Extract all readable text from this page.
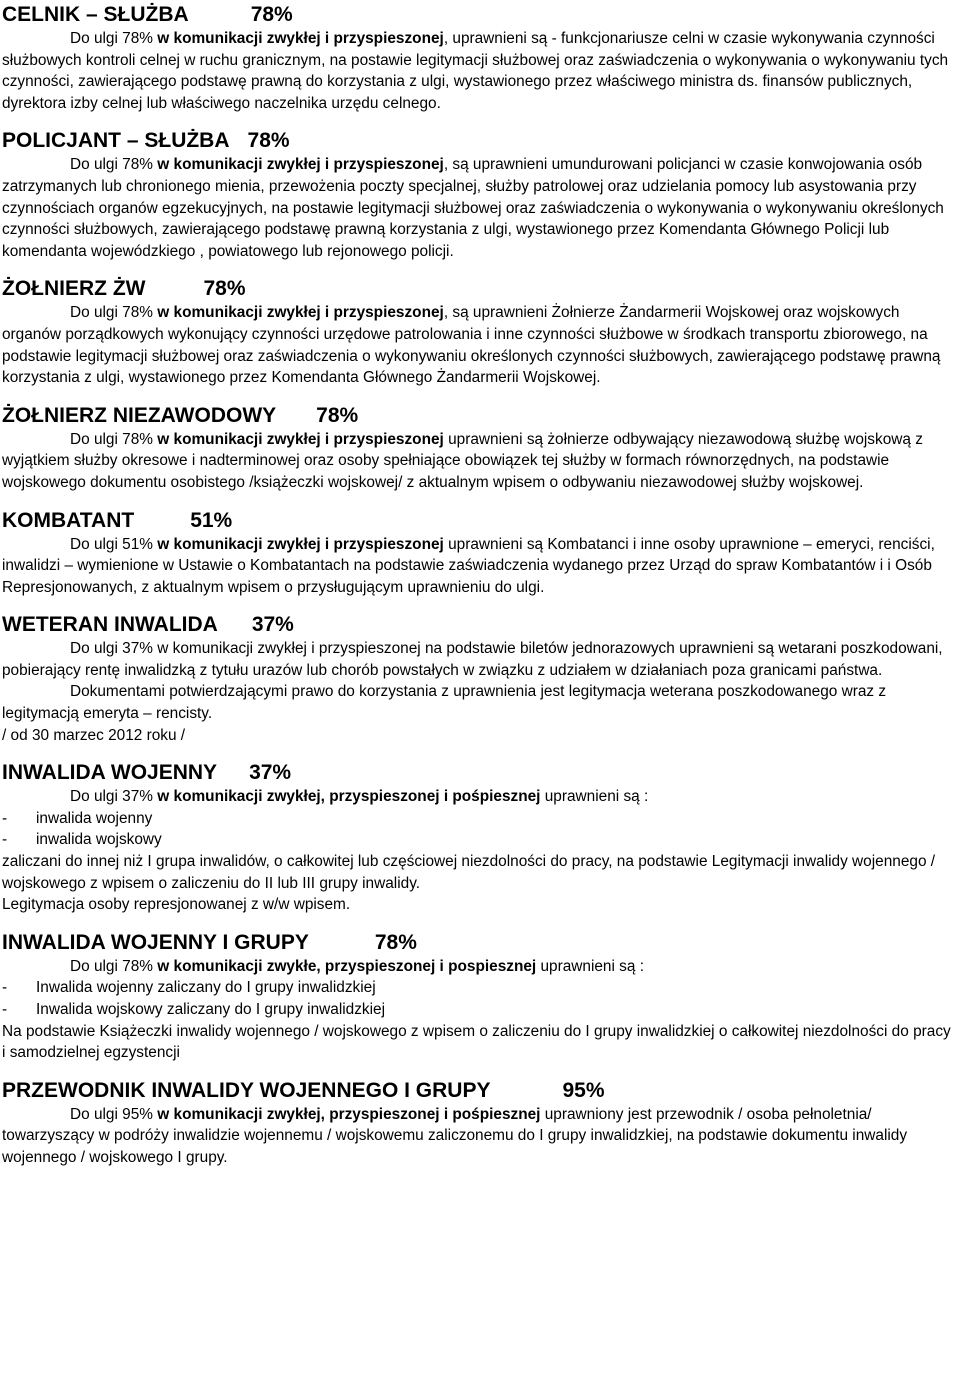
CELNIK – SŁUŻBA	78%

Do ulgi 78% w komunikacji zwykłej i przyspieszonej, uprawnieni są - funkcjonariusze celni w czasie wykonywania czynności służbowych kontroli celnej w ruchu granicznym, na postawie legitymacji służbowej oraz zaświadczenia o wykonywania o wykonywaniu tych czynności, zawierającego podstawę prawną do korzystania z ulgi, wystawionego przez właściwego ministra ds. finansów publicznych, dyrektora izby celnej lub właściwego naczelnika urzędu celnego.

POLICJANT – SŁUŻBA 78%

Do ulgi 78% w komunikacji zwykłej i przyspieszonej, są uprawnieni umundurowani policjanci w czasie konwojowania osób zatrzymanych lub chronionego mienia, przewożenia poczty specjalnej, służby patrolowej oraz udzielania pomocy lub asystowania przy czynnościach organów egzekucyjnych, na postawie legitymacji służbowej oraz zaświadczenia o wykonywania o wykonywaniu określonych czynności służbowych, zawierającego podstawę prawną korzystania z ulgi, wystawionego przez Komendanta Głównego Policji lub komendanta wojewódzkiego , powiatowego lub rejonowego policji.

ŻOŁNIERZ ŻW	78%

Do ulgi 78% w komunikacji zwykłej i przyspieszonej, są uprawnieni Żołnierze Żandarmerii Wojskowej oraz wojskowych organów porządkowych wykonujący czynności urzędowe patrolowania i inne czynności służbowe w środkach transportu zbiorowego, na podstawie legitymacji służbowej oraz zaświadczenia o wykonywaniu określonych czynności służbowych, zawierającego podstawę prawną korzystania z ulgi, wystawionego przez Komendanta Głównego Żandarmerii Wojskowej.

ŻOŁNIERZ NIEZAWODOWY 78%

Do ulgi 78% w komunikacji zwykłej i przyspieszonej uprawnieni są żołnierze odbywający niezawodową służbę wojskową z wyjątkiem służby okresowe i nadterminowej oraz osoby spełniające obowiązek tej służby w formach równorzędnych, na podstawie wojskowego dokumentu osobistego /książeczki wojskowej/ z aktualnym wpisem o odbywaniu niezawodowej służby wojskowej.

KOMBATANT	51%

Do ulgi 51% w komunikacji zwykłej i przyspieszonej uprawnieni są Kombatanci i inne osoby uprawnione – emeryci, renciści, inwalidzi – wymienione w Ustawie o Kombatantach na podstawie zaświadczenia wydanego przez Urząd do spraw Kombatantów i i Osób Represjonowanych, z aktualnym wpisem o przysługującym uprawnieniu do ulgi.

WETERAN INWALIDA 37%

Do ulgi 37% w komunikacji zwykłej i przyspieszonej na podstawie biletów jednorazowych uprawnieni są wetarani poszkodowani, pobierający rentę inwalidzką z tytułu urazów lub chorób powstałych w związku z udziałem w działaniach poza granicami państwa.

Dokumentami potwierdzającymi prawo do korzystania z uprawnienia jest legitymacja weterana poszkodowanego wraz z legitymacją emeryta – rencisty.

/ od 30 marzec 2012 roku /

INWALIDA WOJENNY 37%

Do ulgi 37% w komunikacji zwykłej, przyspieszonej i pośpiesznej uprawnieni są :

- inwalida wojenny
- inwalida wojskowy

zaliczani do innej niż I grupa inwalidów, o całkowitej lub częściowej niezdolności do pracy, na podstawie Legitymacji inwalidy wojennego / wojskowego z wpisem o zaliczeniu do II lub III grupy inwalidy.

Legitymacja osoby represjonowanej z w/w wpisem.

INWALIDA WOJENNY I GRUPY	78%

Do ulgi 78% w komunikacji zwykłe, przyspieszonej i pospiesznej uprawnieni są :

- Inwalida wojenny zaliczany do I grupy inwalidzkiej
- Inwalida wojskowy zaliczany do I grupy inwalidzkiej

Na podstawie Książeczki inwalidy wojennego / wojskowego z wpisem o zaliczeniu do I grupy inwalidzkiej o całkowitej niezdolności do pracy i samodzielnej egzystencji

PRZEWODNIK INWALIDY WOJENNEGO I GRUPY	95%

Do ulgi 95% w komunikacji zwykłej, przyspieszonej i pośpiesznej uprawniony jest przewodnik / osoba pełnoletnia/ towarzyszący w podróży inwalidzie wojennemu / wojskowemu zaliczonemu do I grupy inwalidzkiej, na podstawie dokumentu inwalidy wojennego / wojskowego I grupy.
